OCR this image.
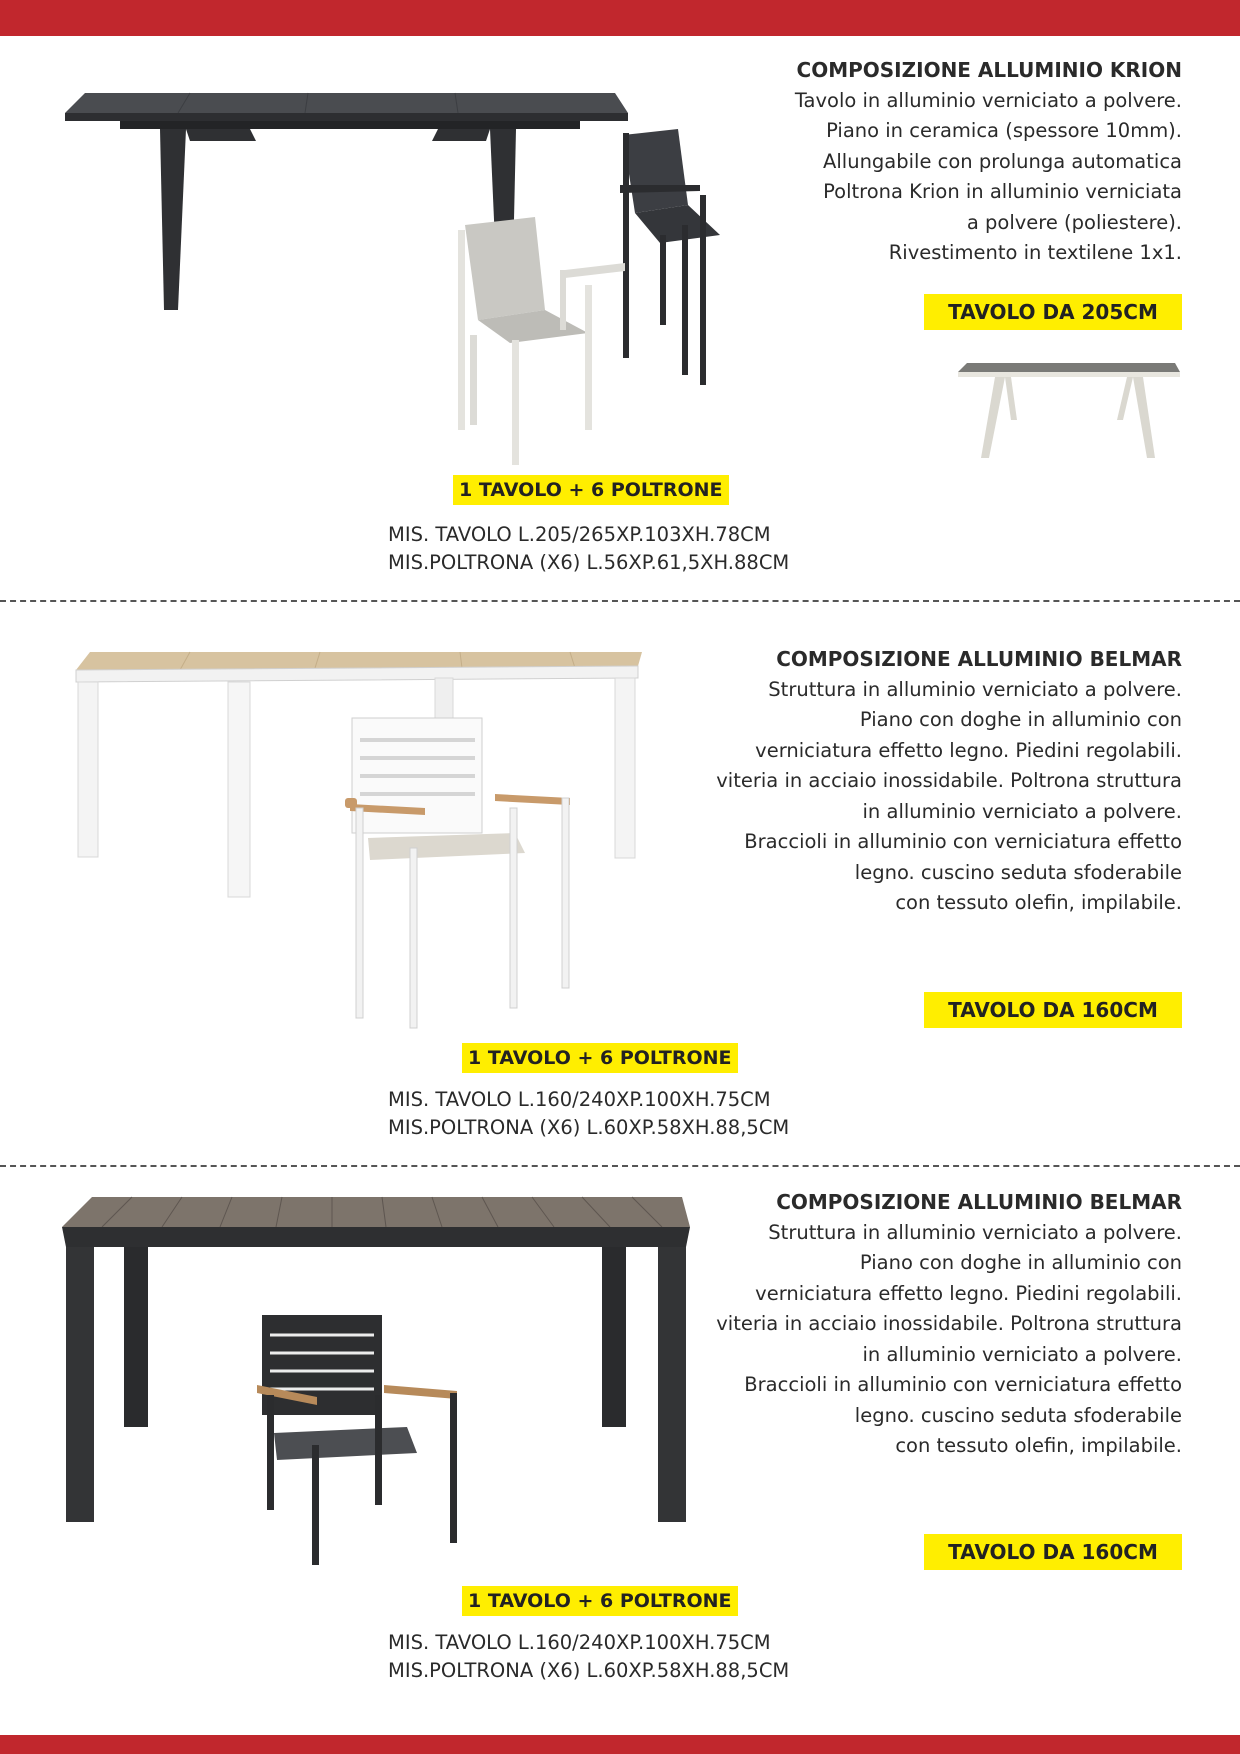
COMPOSIZIONE ALLUMINIO KRION
Tavolo in alluminio verniciato a polvere.
Piano in ceramica (spessore 10mm).
Allungabile con prolunga automatica
Poltrona Krion in alluminio verniciata
a polvere (poliestere).
Rivestimento in textilene 1x1.
TAVOLO DA 205CM
1 TAVOLO + 6 POLTRONE
MIS. TAVOLO L.205/265XP.103XH.78CM
MIS.POLTRONA (X6) L.56XP.61,5XH.88CM
COMPOSIZIONE ALLUMINIO BELMAR
Struttura in alluminio verniciato a polvere.
Piano con doghe in alluminio con
verniciatura effetto legno. Piedini regolabili.
viteria in acciaio inossidabile. Poltrona struttura
in alluminio verniciato a polvere.
Braccioli in alluminio con verniciatura effetto
legno. cuscino seduta sfoderabile
con tessuto olefin, impilabile.
TAVOLO DA 160CM
1 TAVOLO + 6 POLTRONE
MIS. TAVOLO L.160/240XP.100XH.75CM
MIS.POLTRONA (X6) L.60XP.58XH.88,5CM
COMPOSIZIONE ALLUMINIO BELMAR
Struttura in alluminio verniciato a polvere.
Piano con doghe in alluminio con
verniciatura effetto legno. Piedini regolabili.
viteria in acciaio inossidabile. Poltrona struttura
in alluminio verniciato a polvere.
Braccioli in alluminio con verniciatura effetto
legno. cuscino seduta sfoderabile
con tessuto olefin, impilabile.
TAVOLO DA 160CM
1 TAVOLO + 6 POLTRONE
MIS. TAVOLO L.160/240XP.100XH.75CM
MIS.POLTRONA (X6) L.60XP.58XH.88,5CM
